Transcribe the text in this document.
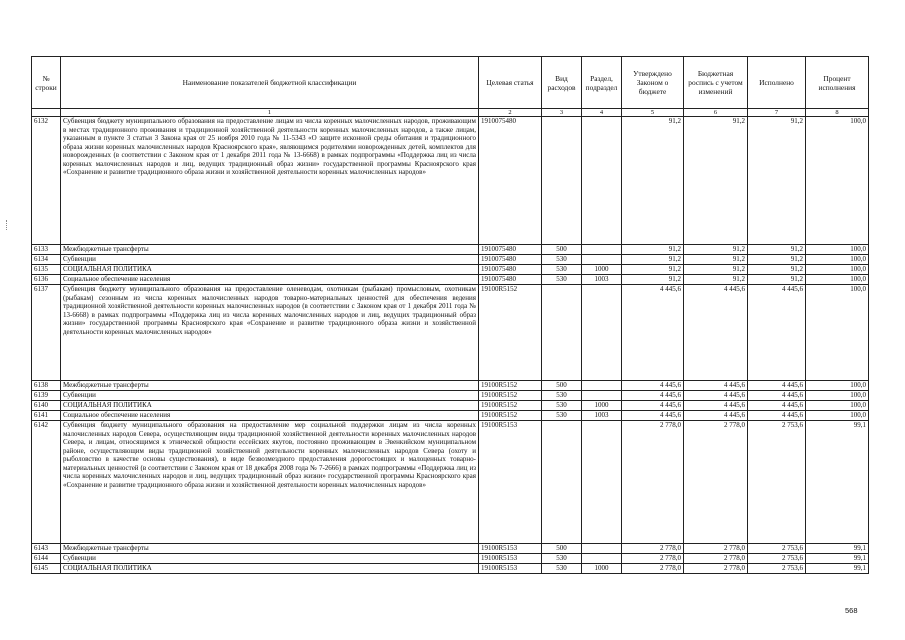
№ строки	Наименование показателей бюджетной классификации	Целевая статья	Вид расходов	Раздел, подраздел	Утверждено Законом о бюджете	Бюджетная роспись с учетом изменений	Исполнено	Процент исполнения
	1	2	3	4	5	6	7	8
6132	Субвенция бюджету муниципального образования на предоставление лицам из числа коренных малочисленных народов, проживающим в местах традиционного проживания и традиционной хозяйственной деятельности коренных малочисленных народов, а также лицам, указанным в пункте 3 статьи 3 Закона края от 25 ноября 2010 года № 11-5343 «О защите исконной среды обитания и традиционного образа жизни коренных малочисленных народов Красноярского края», являющимся родителями новорожденных детей, комплектов для новорожденных (в соответствии с Законом края от 1 декабря 2011 года № 13-6668) в рамках подпрограммы «Поддержка лиц из числа коренных малочисленных народов и лиц, ведущих традиционный образ жизни» государственной программы Красноярского края «Сохранение и развитие традиционного образа жизни и хозяйственной деятельности коренных малочисленных народов»	1910075480			91,2	91,2	91,2	100,0
6133	Межбюджетные трансферты	1910075480	500		91,2	91,2	91,2	100,0
6134	Субвенции	1910075480	530		91,2	91,2	91,2	100,0
6135	СОЦИАЛЬНАЯ ПОЛИТИКА	1910075480	530	1000	91,2	91,2	91,2	100,0
6136	Социальное обеспечение населения	1910075480	530	1003	91,2	91,2	91,2	100,0
6137	Субвенция бюджету муниципального образования на предоставление оленеводам, охотникам (рыбакам) промысловым, охотникам (рыбакам) сезонным из числа коренных малочисленных народов товарно-материальных ценностей для обеспечения ведения традиционной хозяйственной деятельности коренных малочисленных народов (в соответствии с Законом края от 1 декабря 2011 года № 13-6668) в рамках подпрограммы «Поддержка лиц из числа коренных малочисленных народов и лиц, ведущих традиционный образ жизни» государственной программы Красноярского края «Сохранение и развитие традиционного образа жизни и хозяйственной деятельности коренных малочисленных народов»	19100R5152			4 445,6	4 445,6	4 445,6	100,0
6138	Межбюджетные трансферты	19100R5152	500		4 445,6	4 445,6	4 445,6	100,0
6139	Субвенции	19100R5152	530		4 445,6	4 445,6	4 445,6	100,0
6140	СОЦИАЛЬНАЯ ПОЛИТИКА	19100R5152	530	1000	4 445,6	4 445,6	4 445,6	100,0
6141	Социальное обеспечение населения	19100R5152	530	1003	4 445,6	4 445,6	4 445,6	100,0
6142	Субвенция бюджету муниципального образования на предоставление мер социальной поддержки лицам из числа коренных малочисленных народов Севера, осуществляющим виды традиционной хозяйственной деятельности коренных малочисленных народов Севера, и лицам, относящимся к этнической общности ессейских якутов, постоянно проживающим в Эвенкийском муниципальном районе, осуществляющим виды традиционной хозяйственной деятельности коренных малочисленных народов Севера (охоту и рыболовство в качестве основы существования), в виде безвозмездного предоставления дорогостоящих и малоценных товарно-материальных ценностей (в соответствии с Законом края от 18 декабря 2008 года № 7-2666) в рамках подпрограммы «Поддержка лиц из числа коренных малочисленных народов и лиц, ведущих традиционный образ жизни» государственной программы Красноярского края «Сохранение и развитие традиционного образа жизни и хозяйственной деятельности коренных малочисленных народов»	19100R5153			2 778,0	2 778,0	2 753,6	99,1
6143	Межбюджетные трансферты	19100R5153	500		2 778,0	2 778,0	2 753,6	99,1
6144	Субвенции	19100R5153	530		2 778,0	2 778,0	2 753,6	99,1
6145	СОЦИАЛЬНАЯ ПОЛИТИКА	19100R5153	530	1000	2 778,0	2 778,0	2 753,6	99,1
568
